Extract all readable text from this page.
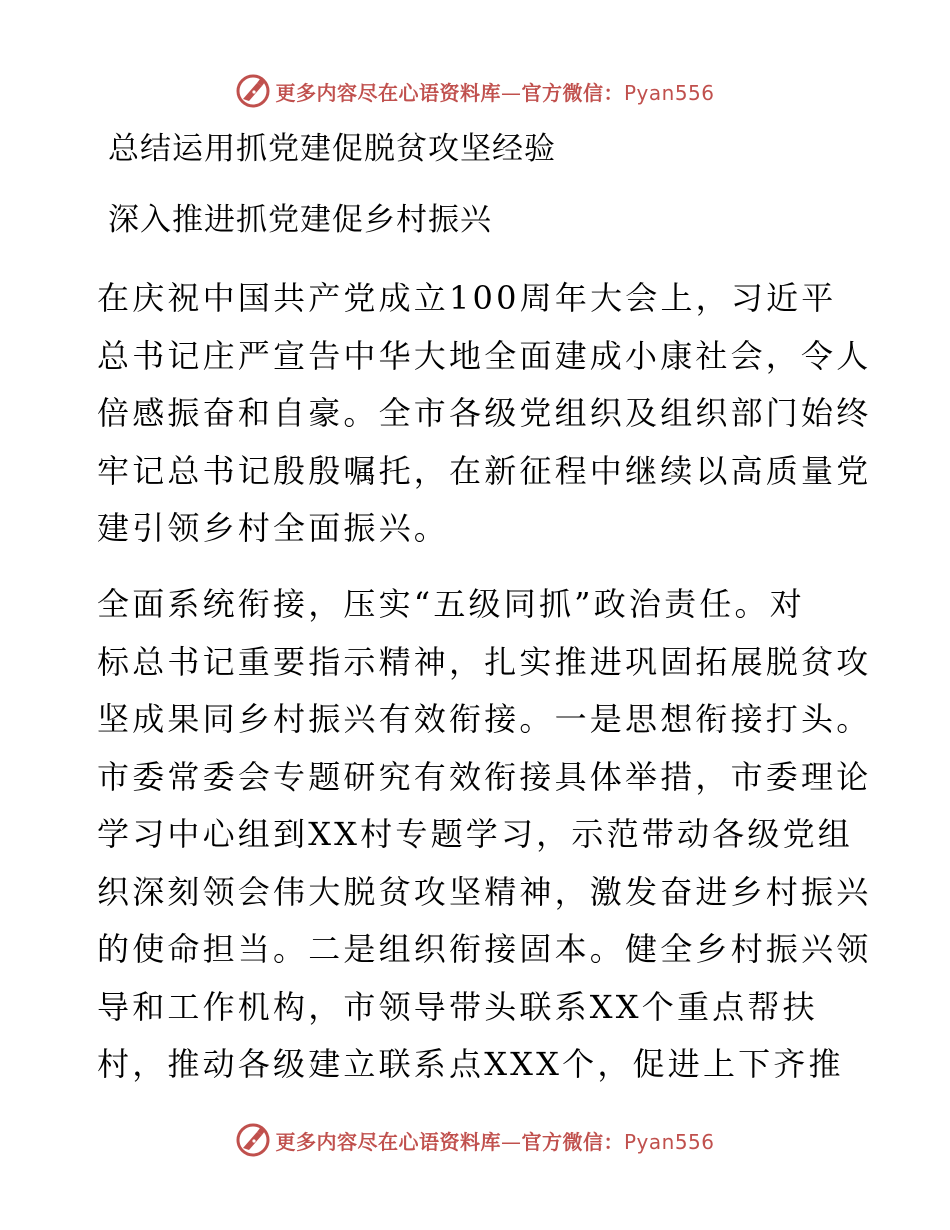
更多内容尽在心语资料库—官方微信：Pyan556
总结运用抓党建促脱贫攻坚经验
深入推进抓党建促乡村振兴
在庆祝中国共产党成立100周年大会上，习近平
总书记庄严宣告中华大地全面建成小康社会，令人
倍感振奋和自豪。全市各级党组织及组织部门始终
牢记总书记殷殷嘱托，在新征程中继续以高质量党
建引领乡村全面振兴。
全面系统衔接，压实“五级同抓”政治责任。对
标总书记重要指示精神，扎实推进巩固拓展脱贫攻
坚成果同乡村振兴有效衔接。一是思想衔接打头。
市委常委会专题研究有效衔接具体举措，市委理论
学习中心组到XX村专题学习，示范带动各级党组
织深刻领会伟大脱贫攻坚精神，激发奋进乡村振兴
的使命担当。二是组织衔接固本。健全乡村振兴领
导和工作机构，市领导带头联系XX个重点帮扶
村，推动各级建立联系点XXX个，促进上下齐推
更多内容尽在心语资料库—官方微信：Pyan556
